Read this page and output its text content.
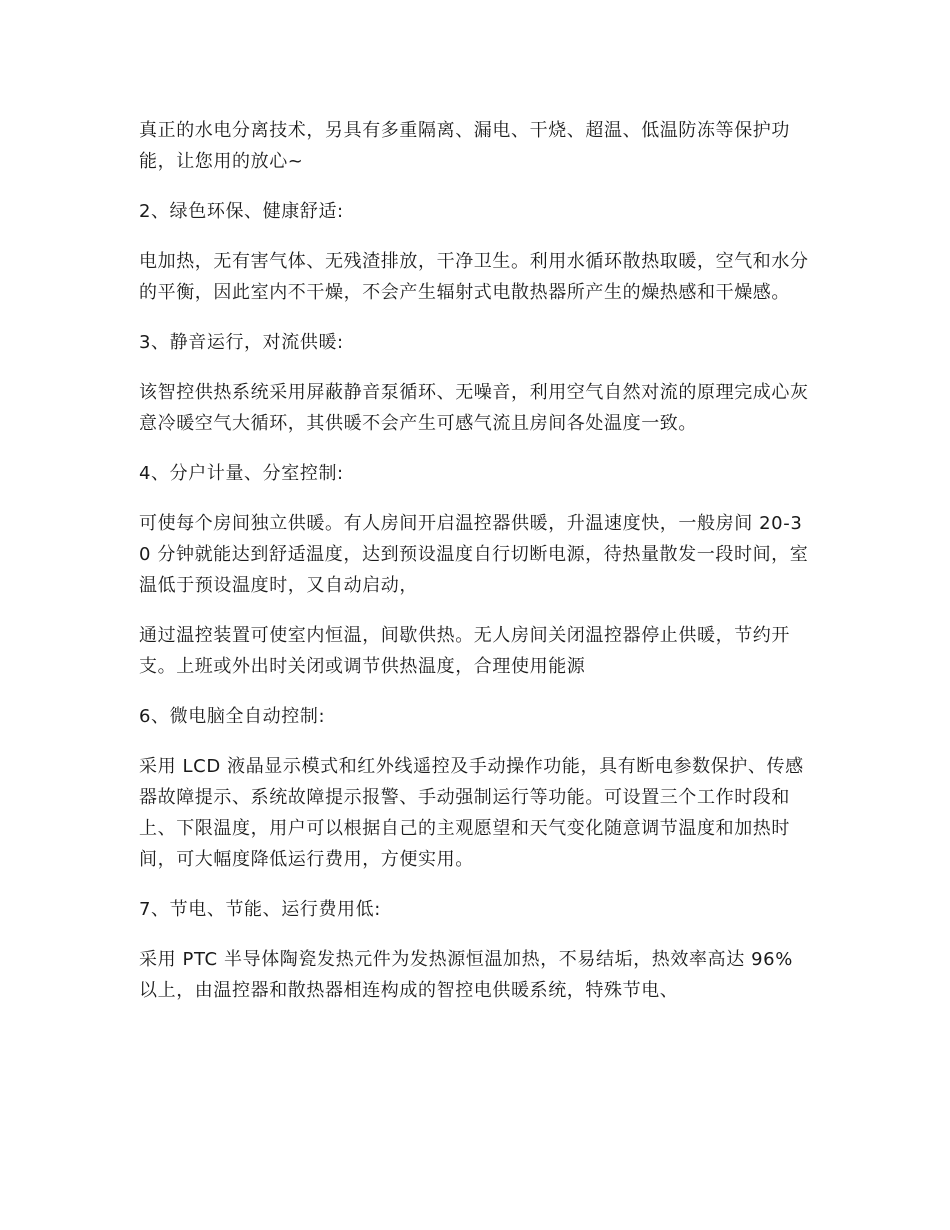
真正的水电分离技术，另具有多重隔离、漏电、干烧、超温、低温防冻等保护功能，让您用的放心~

2、绿色环保、健康舒适:

电加热，无有害气体、无残渣排放，干净卫生。利用水循环散热取暖，空气和水分的平衡，因此室内不干燥，不会产生辐射式电散热器所产生的燥热感和干燥感。

3、静音运行，对流供暖:

该智控供热系统采用屏蔽静音泵循环、无噪音，利用空气自然对流的原理完成心灰意冷暖空气大循环，其供暖不会产生可感气流且房间各处温度一致。

4、分户计量、分室控制:

可使每个房间独立供暖。有人房间开启温控器供暖，升温速度快，一般房间 20-30 分钟就能达到舒适温度，达到预设温度自行切断电源，待热量散发一段时间，室温低于预设温度时，又自动启动，

通过温控装置可使室内恒温，间歇供热。无人房间关闭温控器停止供暖，节约开支。上班或外出时关闭或调节供热温度，合理使用能源

6、微电脑全自动控制:

采用 LCD 液晶显示模式和红外线遥控及手动操作功能，具有断电参数保护、传感器故障提示、系统故障提示报警、手动强制运行等功能。可设置三个工作时段和上、下限温度，用户可以根据自己的主观愿望和天气变化随意调节温度和加热时间，可大幅度降低运行费用，方便实用。

7、节电、节能、运行费用低:

采用 PTC 半导体陶瓷发热元件为发热源恒温加热，不易结垢，热效率高达 96%以上，由温控器和散热器相连构成的智控电供暖系统，特殊节电、
